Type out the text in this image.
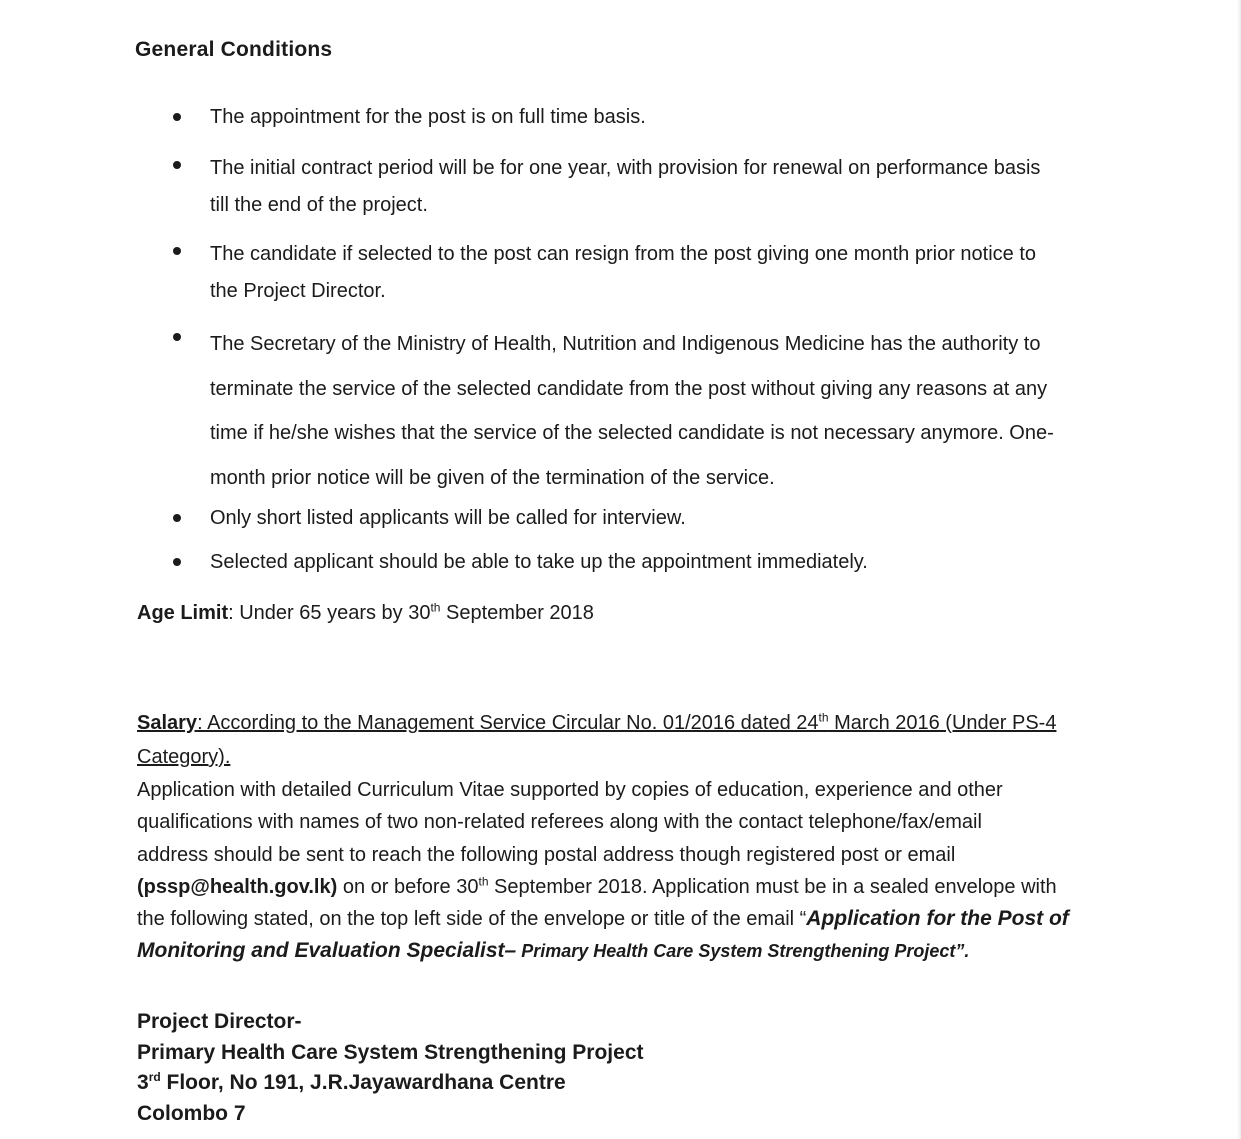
General Conditions
The appointment for the post is on full time basis.
The initial contract period will be for one year, with provision for renewal on performance basis
till the end of the project.
The candidate if selected to the post can resign from the post giving one month prior notice to
the Project Director.
The Secretary of the Ministry of Health, Nutrition and Indigenous Medicine has the authority to
terminate the service of the selected candidate from the post without giving any reasons at any
time if he/she wishes that the service of the selected candidate is not necessary anymore. One-
month prior notice will be given of the termination of the service.
Only short listed applicants will be called for interview.
Selected applicant should be able to take up the appointment immediately.
Age Limit: Under 65 years by 30th September 2018
Salary: According to the Management Service Circular No. 01/2016 dated 24th March 2016 (Under PS-4 Category).
Application with detailed Curriculum Vitae supported by copies of education, experience and other
qualifications with names of two non-related referees along with the contact telephone/fax/email
address should be sent to reach the following postal address though registered post or email
(pssp@health.gov.lk) on or before 30th September 2018. Application must be in a sealed envelope with
the following stated, on the top left side of the envelope or title of the email “Application for the Post of Monitoring and Evaluation Specialist– Primary Health Care System Strengthening Project”.
Project Director-
Primary Health Care System Strengthening Project
3rd Floor, No 191, J.R.Jayawardhana Centre
Colombo 7
